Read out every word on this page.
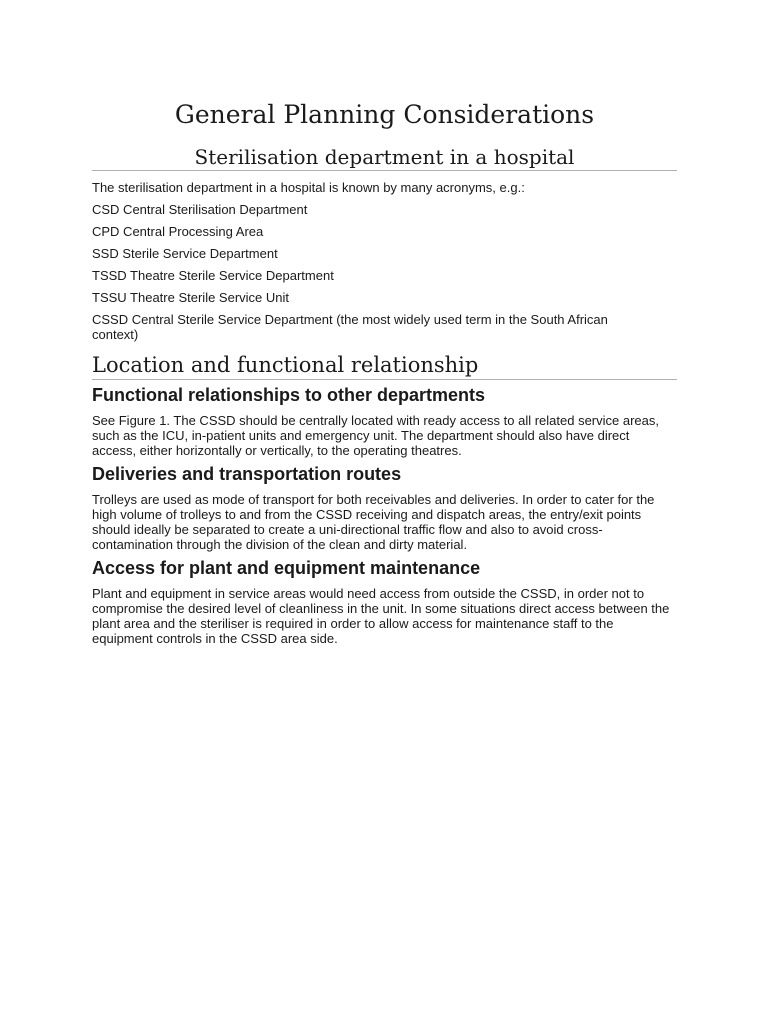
General Planning Considerations
Sterilisation department in a hospital

The sterilisation department in a hospital is known by many acronyms, e.g.:

CSD Central Sterilisation Department

CPD Central Processing Area

SSD Sterile Service Department

TSSD Theatre Sterile Service Department

TSSU Theatre Sterile Service Unit

CSSD Central Sterile Service Department (the most widely used term in the South African context)

Location and functional relationship
Functional relationships to other departments

See Figure 1. The CSSD should be centrally located with ready access to all related service areas, such as the ICU, in-patient units and emergency unit. The department should also have direct access, either horizontally or vertically, to the operating theatres.

Deliveries and transportation routes

Trolleys are used as mode of transport for both receivables and deliveries. In order to cater for the high volume of trolleys to and from the CSSD receiving and dispatch areas, the entry/exit points should ideally be separated to create a uni-directional traffic flow and also to avoid cross-contamination through the division of the clean and dirty material.

Access for plant and equipment maintenance

Plant and equipment in service areas would need access from outside the CSSD, in order not to compromise the desired level of cleanliness in the unit. In some situations direct access between the plant area and the steriliser is required in order to allow access for maintenance staff to the equipment controls in the CSSD area side.
